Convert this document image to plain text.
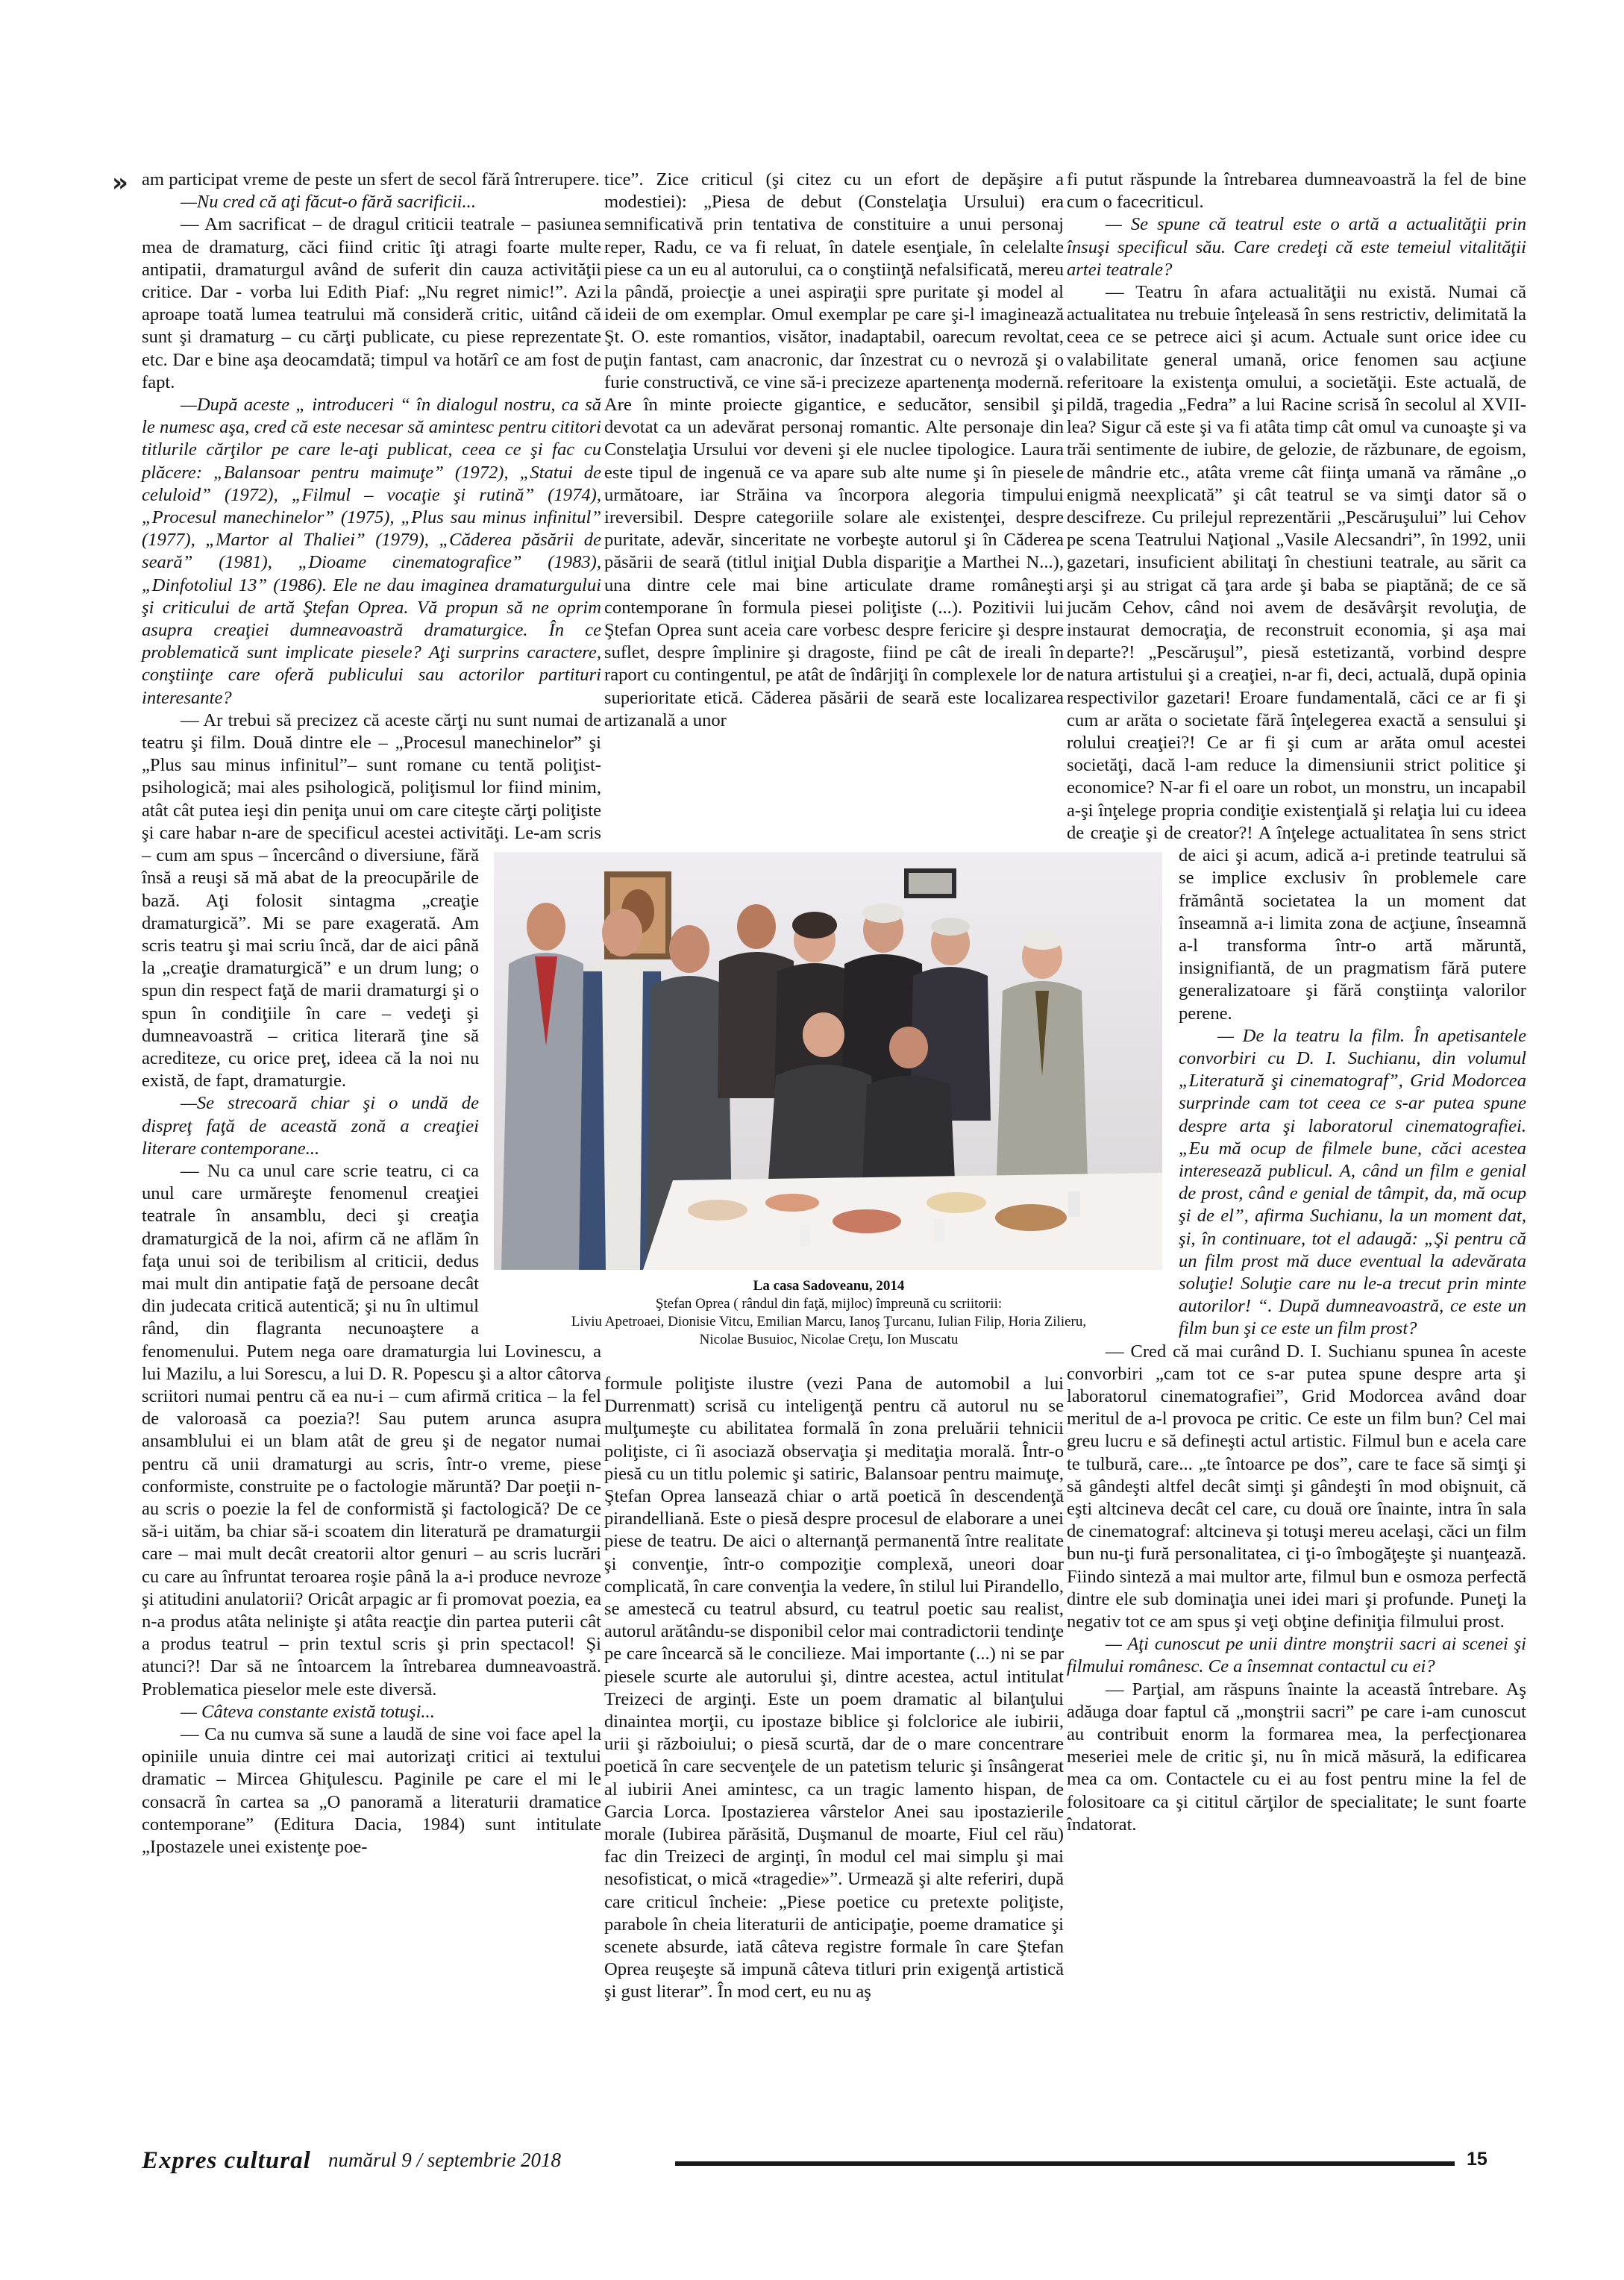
» am participat vreme de peste un sfert de secol fără întrerupere.

—Nu cred că aţi făcut-o fără sacrificii...

— Am sacrificat – de dragul criticii teatrale – pasiunea mea de dramaturg, căci fiind critic îţi atragi foarte multe antipatii, dramaturgul având de suferit din cauza activităţii critice. Dar - vorba lui Edith Piaf: „Nu regret nimic!”. Azi aproape toată lumea teatrului mă consideră critic, uitând că sunt şi dramaturg – cu cărţi publicate, cu piese reprezentate etc. Dar e bine aşa deocamdată; timpul va hotărî ce am fost de fapt.

—După aceste „ introduceri “ în dialogul nostru, ca să le numesc aşa, cred că este necesar să amintesc pentru cititori titlurile cărţilor pe care le-aţi publicat, ceea ce şi fac cu plăcere: „Balansoar pentru maimuţe” (1972), „Statui de celuloid” (1972), „Filmul – vocaţie şi rutină” (1974), „Procesul manechinelor” (1975), „Plus sau minus infinitul” (1977), „Martor al Thaliei” (1979), „Căderea păsării de seară” (1981), „Dioame cinematografice” (1983), „Dinfotoliul 13” (1986). Ele ne dau imaginea dramaturgului şi criticului de artă Ştefan Oprea. Vă propun să ne oprim asupra creaţiei dumneavoastră dramaturgice. În ce problematică sunt implicate piesele? Aţi surprins caractere, conştiinţe care oferă publicului sau actorilor partituri interesante?

— Ar trebui să precizez că aceste cărţi nu sunt numai de teatru şi film. Două dintre ele – „Procesul manechinelor” şi „Plus sau minus infinitul”– sunt romane cu tentă poliţist-psihologică; mai ales psihologică, poliţismul lor fiind minim, atât cât putea ieşi din peniţa unui om care citeşte cărţi poliţiste şi care habar n-are de specificul acestei activităţi. Le-am scris – cum am spus – încercând o diversiune, fără însă a reuşi să mă abat de la preocupările de bază. Aţi folosit sintagma „creaţie dramaturgică”. Mi se pare exagerată. Am scris teatru şi mai scriu încă, dar de aici până la „creaţie dramaturgică” e un drum lung; o spun din respect faţă de marii dramaturgi şi o spun în condiţiile în care – vedeţi şi dumneavoastră – critica literară ţine să acrediteze, cu orice preţ, ideea că la noi nu există, de fapt, dramaturgie.

—Se strecoară chiar şi o undă de dispreţ faţă de această zonă a creaţiei literare contemporane...

— Nu ca unul care scrie teatru, ci ca unul care urmăreşte fenomenul creaţiei teatrale în ansamblu, deci şi creaţia dramaturgică de la noi, afirm că ne aflăm în faţa unui soi de teribilism al criticii, dedus mai mult din antipatie faţă de persoane decât din judecata critică autentică; şi nu în ultimul rând, din flagranta necunoaştere a fenomenului. Putem nega oare dramaturgia lui Lovinescu, a lui Mazilu, a lui Sorescu, a lui D. R. Popescu şi a altor câtorva scriitori numai pentru că ea nu-i – cum afirmă critica – la fel de valoroasă ca poezia?! Sau putem arunca asupra ansamblului ei un blam atât de greu şi de negator numai pentru că unii dramaturgi au scris, într-o vreme, piese conformiste, construite pe o factologie măruntă? Dar poeţii n-au scris o poezie la fel de conformistă şi factologică? De ce să-i uităm, ba chiar să-i scoatem din literatură pe dramaturgii care – mai mult decât creatorii altor genuri – au scris lucrări cu care au înfruntat teroarea roşie până la a-i produce nevroze şi atitudini anulatorii? Oricât arpagic ar fi promovat poezia, ea n-a produs atâta nelinişte şi atâta reacţie din partea puterii cât a produs teatrul – prin textul scris şi prin spectacol! Şi atunci?! Dar să ne întoarcem la întrebarea dumneavoastră. Problematica pieselor mele este diversă.

— Câteva constante există totuşi...

— Ca nu cumva să sune a laudă de sine voi face apel la opiniile unuia dintre cei mai autorizaţi critici ai textului dramatic – Mircea Ghiţulescu. Paginile pe care el mi le consacră în cartea sa „O panoramă a literaturii dramatice contemporane” (Editura Dacia, 1984) sunt intitulate „Ipostazele unei existenţe poe-

tice”. Zice criticul (şi citez cu un efort de depăşire a modestiei): „Piesa de debut (Constelaţia Ursului) era semnificativă prin tentativa de constituire a unui personaj reper, Radu, ce va fi reluat, în datele esenţiale, în celelalte piese ca un eu al autorului, ca o conştiinţă nefalsificată, mereu la pândă, proiecţie a unei aspiraţii spre puritate şi model al ideii de om exemplar. Omul exemplar pe care şi-l imaginează Şt. O. este romantios, visător, inadaptabil, oarecum revoltat, puţin fantast, cam anacronic, dar înzestrat cu o nevroză şi o furie constructivă, ce vine să-i precizeze apartenenţa modernă. Are în minte proiecte gigantice, e seducător, sensibil şi devotat ca un adevărat personaj romantic. Alte personaje din Constelaţia Ursului vor deveni şi ele nuclee tipologice. Laura este tipul de ingenuă ce va apare sub alte nume şi în piesele următoare, iar Străina va încorpora alegoria timpului ireversibil. Despre categoriile solare ale existenţei, despre puritate, adevăr, sinceritate ne vorbeşte autorul şi în Căderea păsării de seară (titlul iniţial Dubla dispariţie a Marthei N...), una dintre cele mai bine articulate drame româneşti contemporane în formula piesei poliţiste (...). Pozitivii lui Ştefan Oprea sunt aceia care vorbesc despre fericire şi despre suflet, despre împlinire şi dragoste, fiind pe cât de ireali în raport cu contingentul, pe atât de îndârjiţi în complexele lor de superioritate etică. Căderea păsării de seară este localizarea artizanală a unor

formule poliţiste ilustre (vezi Pana de automobil a lui Durrenmatt) scrisă cu inteligenţă pentru că autorul nu se mulţumeşte cu abilitatea formală în zona preluării tehnicii poliţiste, ci îi asociază observaţia şi meditaţia morală. Într-o piesă cu un titlu polemic şi satiric, Balansoar pentru maimuţe, Ştefan Oprea lansează chiar o artă poetică în descendenţă pirandelliană. Este o piesă despre procesul de elaborare a unei piese de teatru. De aici o alternanţă permanentă între realitate şi convenţie, într-o compoziţie complexă, uneori doar complicată, în care convenţia la vedere, în stilul lui Pirandello, se amestecă cu teatrul absurd, cu teatrul poetic sau realist, autorul arătându-se disponibil celor mai contradictorii tendinţe pe care încearcă să le concilieze. Mai importante (...) ni se par piesele scurte ale autorului şi, dintre acestea, actul intitulat Treizeci de arginţi. Este un poem dramatic al bilanţului dinaintea morţii, cu ipostaze biblice şi folclorice ale iubirii, urii şi războiului; o piesă scurtă, dar de o mare concentrare poetică în care secvenţele de un patetism teluric şi însângerat al iubirii Anei amintesc, ca un tragic lamento hispan, de Garcia Lorca. Ipostazierea vârstelor Anei sau ipostazierile morale (Iubirea părăsită, Duşmanul de moarte, Fiul cel rău) fac din Treizeci de arginţi, în modul cel mai simplu şi mai nesofisticat, o mică «tragedie»”. Urmează şi alte referiri, după care criticul încheie: „Piese poetice cu pretexte poliţiste, parabole în cheia literaturii de anticipaţie, poeme dramatice şi scenete absurde, iată câteva registre formale în care Ştefan Oprea reuşeşte să impună câteva titluri prin exigenţă artistică şi gust literar”. În mod cert, eu nu aş

fi putut răspunde la întrebarea dumneavoastră la fel de bine cum o facecriticul.

— Se spune că teatrul este o artă a actualităţii prin însuşi specificul său. Care credeţi că este temeiul vitalităţii artei teatrale?

— Teatru în afara actualităţii nu există. Numai că actualitatea nu trebuie înţeleasă în sens restrictiv, delimitată la ceea ce se petrece aici şi acum. Actuale sunt orice idee cu valabilitate general umană, orice fenomen sau acţiune referitoare la existenţa omului, a societăţii. Este actuală, de pildă, tragedia „Fedra” a lui Racine scrisă în secolul al XVII-lea? Sigur că este şi va fi atâta timp cât omul va cunoaşte şi va trăi sentimente de iubire, de gelozie, de răzbunare, de egoism, de mândrie etc., atâta vreme cât fiinţa umană va rămâne „o enigmă neexplicată” şi cât teatrul se va simţi dator să o descifreze. Cu prilejul reprezentării „Pescăruşului” lui Cehov pe scena Teatrului Naţional „Vasile Alecsandri”, în 1992, unii gazetari, insuficient abilitaţi în chestiuni teatrale, au sărit ca arşi şi au strigat că ţara arde şi baba se piaptănă; de ce să jucăm Cehov, când noi avem de desăvârşit revoluţia, de instaurat democraţia, de reconstruit economia, şi aşa mai departe?! „Pescăruşul”, piesă estetizantă, vorbind despre natura artistului şi a creaţiei, n-ar fi, deci, actuală, după opinia respectivilor gazetari! Eroare fundamentală, căci ce ar fi şi cum ar arăta o societate fără înţelegerea exactă a sensului şi rolului creaţiei?! Ce ar fi şi cum ar arăta omul acestei societăţi, dacă l-am reduce la dimensiunii strict politice şi economice? N-ar fi el oare un robot, un monstru, un incapabil a-şi înţelege propria condiţie existenţială şi relaţia lui cu ideea de creaţie şi de creator?! A înţelege actualitatea în sens strict de aici şi acum, adică a-i pretinde teatrului să se implice exclusiv în problemele care frământă societatea la un moment dat înseamnă a-i limita zona de acţiune, înseamnă a-l transforma într-o artă măruntă, insignifiantă, de un pragmatism fără putere generalizatoare şi fără conştiinţa valorilor perene.

— De la teatru la film. În apetisantele convorbiri cu D. I. Suchianu, din volumul „Literatură şi cinematograf”, Grid Modorcea surprinde cam tot ceea ce s-ar putea spune despre arta şi laboratorul cinematografiei. „Eu mă ocup de filmele bune, căci acestea interesează publicul. A, când un film e genial de prost, când e genial de tâmpit, da, mă ocup şi de el”, afirma Suchianu, la un moment dat, şi, în continuare, tot el adaugă: „Şi pentru că un film prost mă duce eventual la adevărata soluţie! Soluţie care nu le-a trecut prin minte autorilor! “. După dumneavoastră, ce este un film bun şi ce este un film prost?

— Cred că mai curând D. I. Suchianu spunea în aceste convorbiri „cam tot ce s-ar putea spune despre arta şi laboratorul cinematografiei”, Grid Modorcea având doar meritul de a-l provoca pe critic. Ce este un film bun? Cel mai greu lucru e să defineşti actul artistic. Filmul bun e acela care te tulbură, care... „te întoarce pe dos”, care te face să simţi şi să gândeşti altfel decât simţi şi gândeşti în mod obişnuit, că eşti altcineva decât cel care, cu două ore înainte, intra în sala de cinematograf: altcineva şi totuşi mereu acelaşi, căci un film bun nu-ţi fură personalitatea, ci ţi-o îmbogăţeşte şi nuanţează. Fiindo sinteză a mai multor arte, filmul bun e osmoza perfectă dintre ele sub dominaţia unei idei mari şi profunde. Puneţi la negativ tot ce am spus şi veţi obţine definiţia filmului prost.

— Aţi cunoscut pe unii dintre monştrii sacri ai scenei şi filmului românesc. Ce a însemnat contactul cu ei?

— Parţial, am răspuns înainte la această întrebare. Aş adăuga doar faptul că „monştrii sacri” pe care i-am cunoscut au contribuit enorm la formarea mea, la perfecţionarea meseriei mele de critic şi, nu în mică măsură, la edificarea mea ca om. Contactele cu ei au fost pentru mine la fel de folositoare ca şi cititul cărţilor de specialitate; le sunt foarte îndatorat.

La casa Sadoveanu, 2014
Ştefan Oprea ( rândul din faţă, mijloc) împreună cu scriitorii:
Liviu Apetroaei, Dionisie Vitcu, Emilian Marcu, Ianoş Ţurcanu, Iulian Filip, Horia Zilieru,
Nicolae Busuioc, Nicolae Creţu, Ion Muscatu
Expres cultural numărul 9 / septembrie 2018	15
